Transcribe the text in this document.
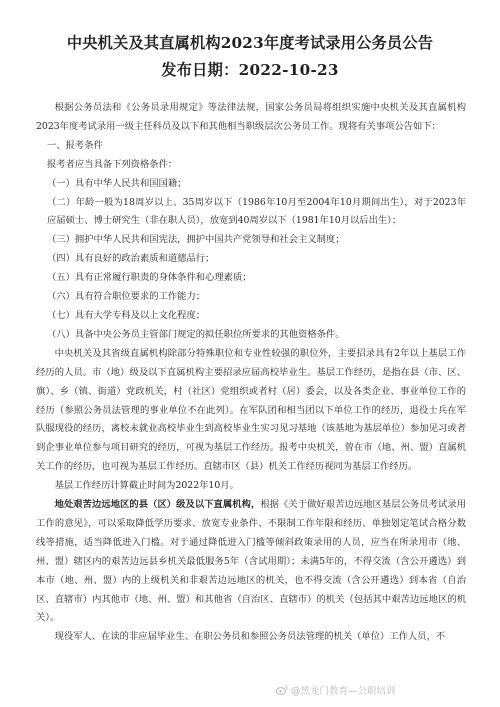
中央机关及其直属机构2023年度考试录用公务员公告
发布日期：2022-10-23

根据公务员法和《公务员录用规定》等法律法规，国家公务员局将组织实施中央机关及其直属机构2023年度考试录用一级主任科员及以下和其他相当职级层次公务员工作。现将有关事项公告如下：

一、报考条件

报考者应当具备下列资格条件：

（一）具有中华人民共和国国籍；

（二）年龄一般为18周岁以上、35周岁以下（1986年10月至2004年10月期间出生），对于2023年应届硕士、博士研究生（非在职人员），放宽到40周岁以下（1981年10月以后出生）；

（三）拥护中华人民共和国宪法，拥护中国共产党领导和社会主义制度；

（四）具有良好的政治素质和道德品行；

（五）具有正常履行职责的身体条件和心理素质；

（六）具有符合职位要求的工作能力；

（七）具有大学专科及以上文化程度；

（八）具备中央公务员主管部门规定的拟任职位所要求的其他资格条件。

中央机关及其省级直属机构除部分特殊职位和专业性较强的职位外，主要招录具有2年以上基层工作经历的人员。市（地）级及以下直属机构主要招录应届高校毕业生。基层工作经历，是指在县（市、区、旗）、乡（镇、街道）党政机关，村（社区）党组织或者村（居）委会，以及各类企业、事业单位工作的经历（参照公务员法管理的事业单位不在此列）。在军队团和相当团以下单位工作的经历，退役士兵在军队服现役的经历，离校未就业高校毕业生到高校毕业生实习见习基地（该基地为基层单位）参加见习或者到企事业单位参与项目研究的经历，可视为基层工作经历。报考中央机关，曾在市（地、州、盟）直属机关工作的经历，也可视为基层工作经历。直辖市区（县）机关工作经历视同为基层工作经历。

基层工作经历计算截止时间为2022年10月。

地处艰苦边远地区的县（区）级及以下直属机构，根据《关于做好艰苦边远地区基层公务员考试录用工作的意见》，可以采取降低学历要求、放宽专业条件、不限制工作年限和经历、单独划定笔试合格分数线等措施，适当降低进入门槛。对于通过降低进入门槛等倾斜政策录用的人员，应当在所录用市（地、州、盟）辖区内的艰苦边远县乡机关最低服务5年（含试用期）；未满5年的，不得交流（含公开遴选）到本市（地、州、盟）内的上级机关和非艰苦边远地区的机关，也不得交流（含公开遴选）到本省（自治区、直辖市）内其他市（地、州、盟）和其他省（自治区、直辖市）的机关（包括其中艰苦边远地区的机关）。

现役军人、在读的非应届毕业生、在职公务员和参照公务员法管理的机关（单位）工作人员，不

@黑龙门教育—公职培训
